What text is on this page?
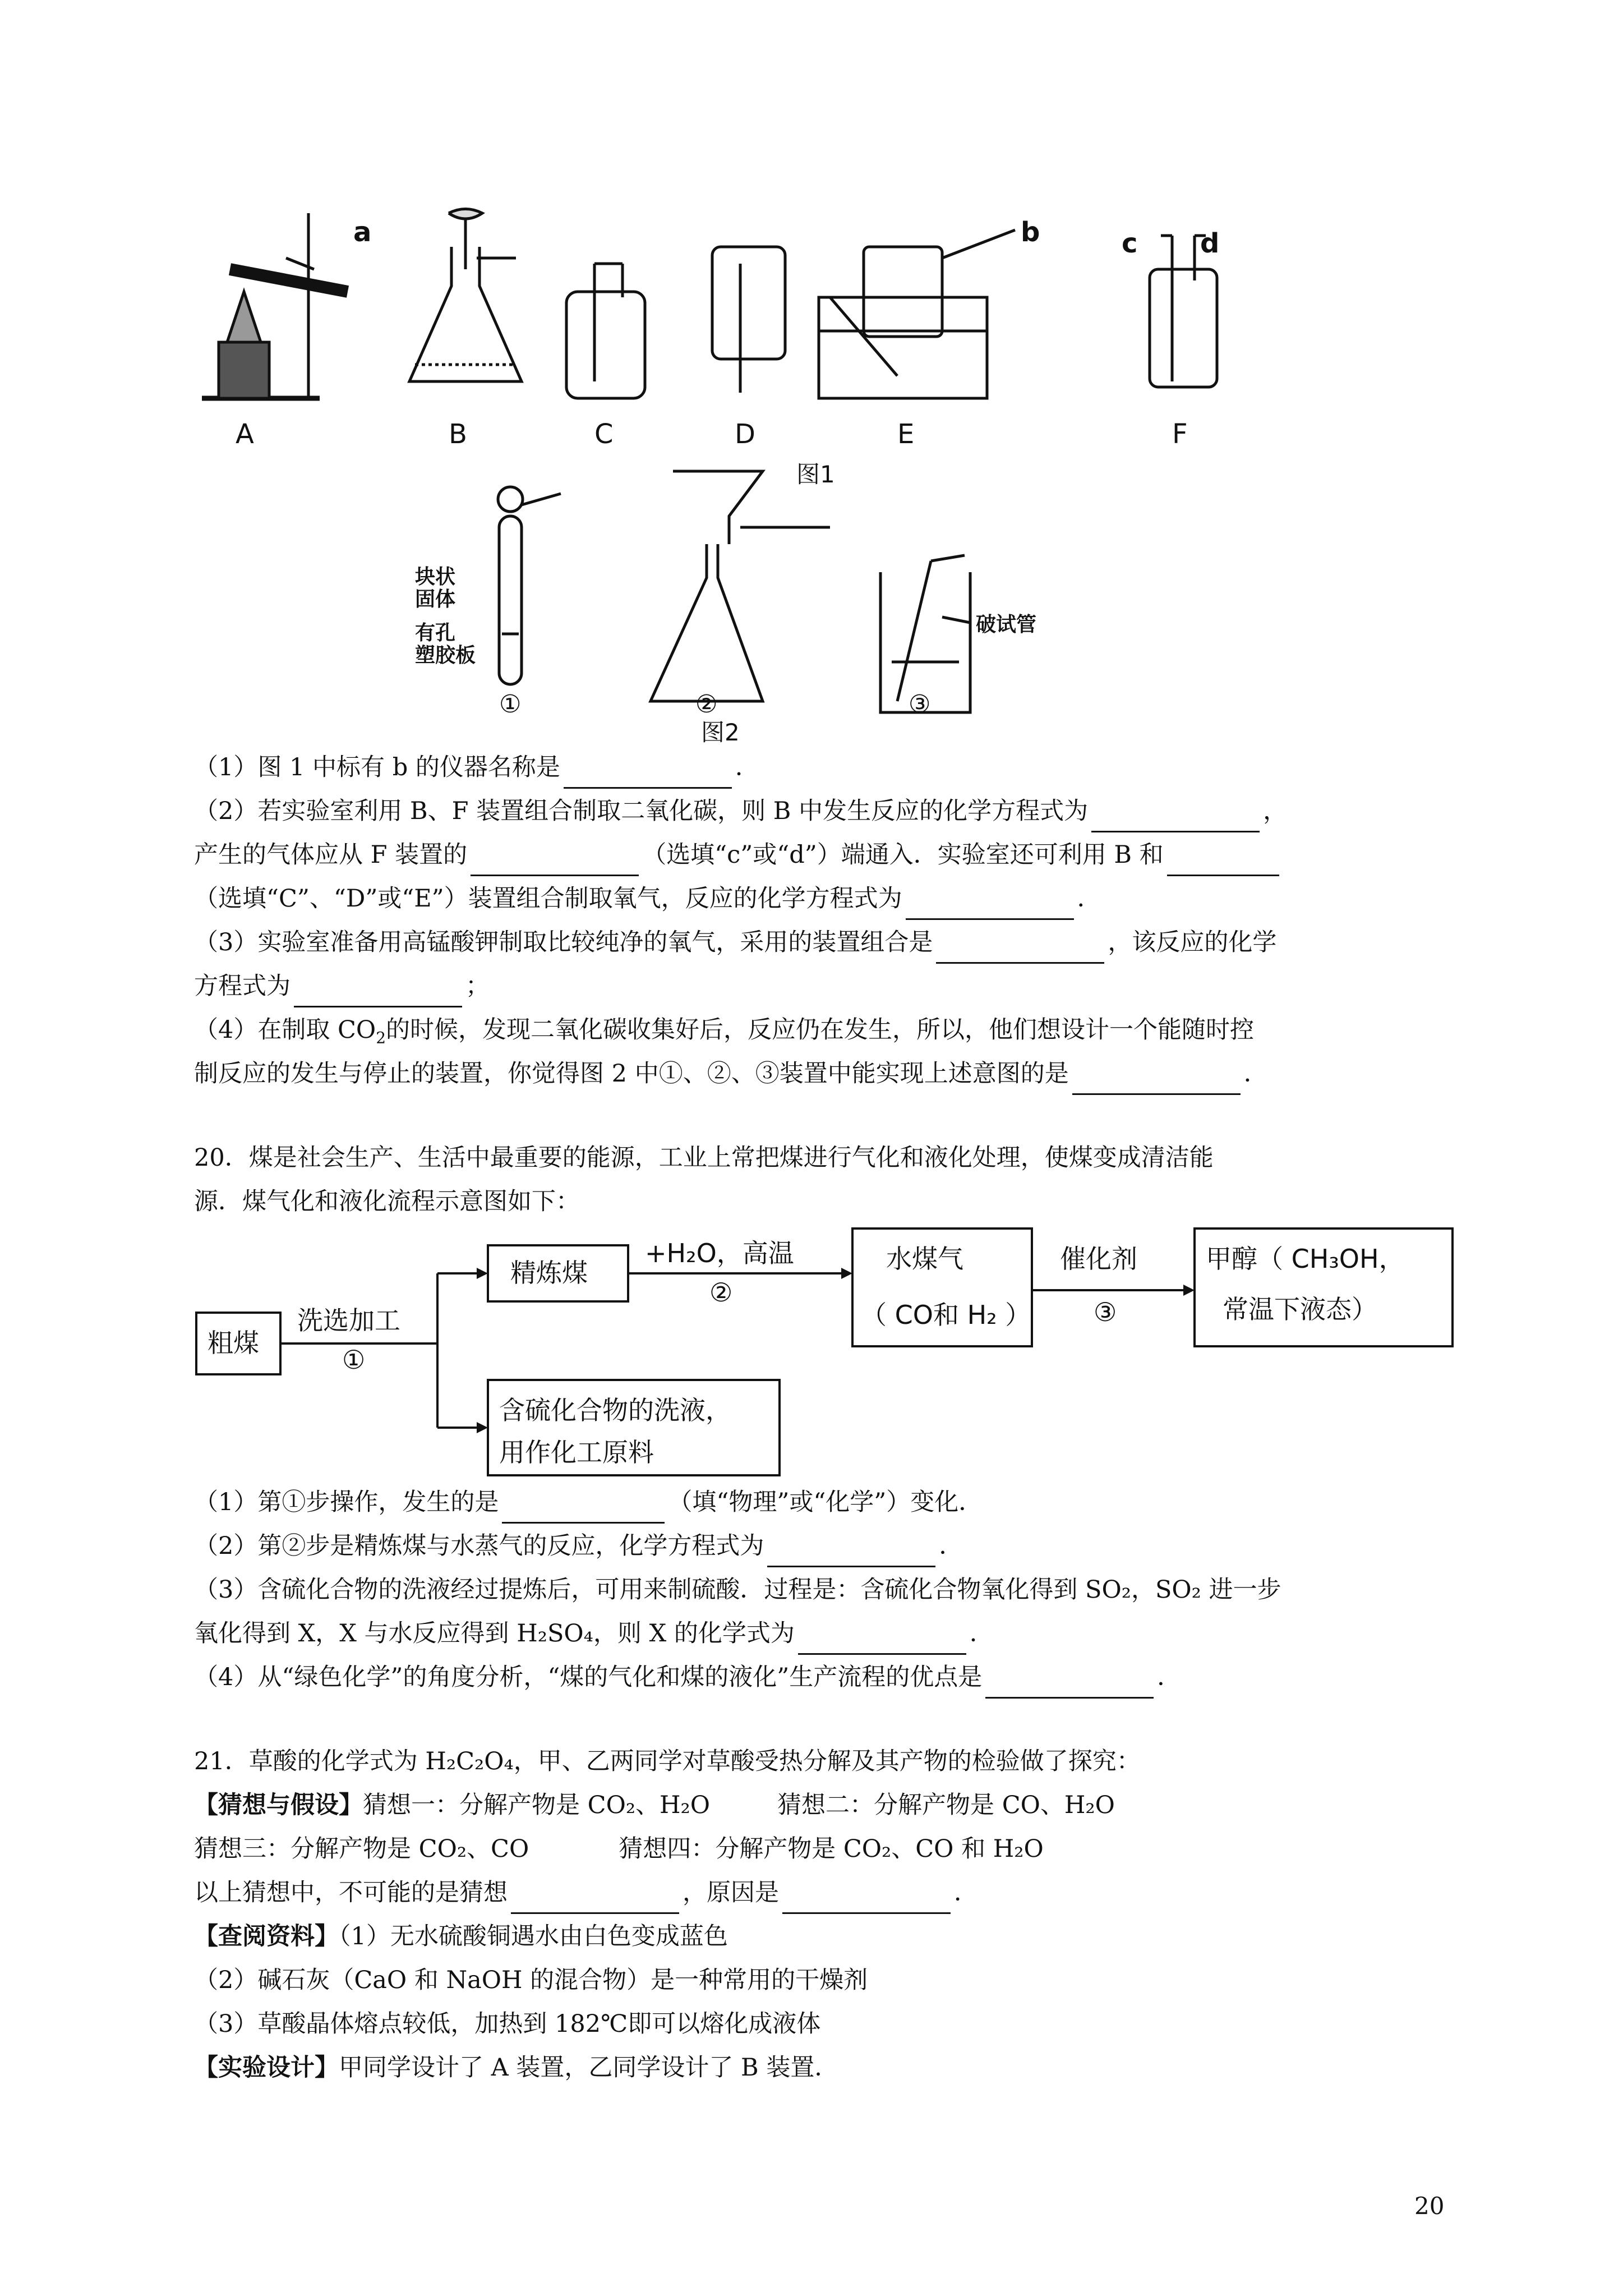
A	B	C	D	E	F
a	b	c d
图1
块状
固体
有孔
塑胶板
破试管
①	②	③
图2
（1）图 1 中标有 b 的仪器名称是	．
（2）若实验室利用 B、F 装置组合制取二氧化碳，则 B 中发生反应的化学方程式为	，
产生的气体应从 F 装置的	（选填“c”或“d”）端通入．实验室还可利用 B 和
（选填“C”、“D”或“E”）装置组合制取氧气，反应的化学方程式为	．
（3）实验室准备用高锰酸钾制取比较纯净的氧气，采用的装置组合是	，该反应的化学
方程式为	；
（4）在制取 $CO_2$的时候，发现二氧化碳收集好后，反应仍在发生，所以，他们想设计一个能随时控
制反应的发生与停止的装置，你觉得图 2 中①、②、③装置中能实现上述意图的是	．
20．煤是社会生产、生活中最重要的能源，工业上常把煤进行气化和液化处理，使煤变成清洁能
源．煤气化和液化流程示意图如下：
粗煤
洗选加工
①
精炼煤
+H₂O，高温
②
水煤气
（ CO和 H₂ ）
催化剂
③
甲醇（ CH₃OH，
常温下液态）
含硫化合物的洗液，
用作化工原料
（1）第①步操作，发生的是	（填“物理”或“化学”）变化．
（2）第②步是精炼煤与水蒸气的反应，化学方程式为	．
（3）含硫化合物的洗液经过提炼后，可用来制硫酸．过程是：含硫化合物氧化得到 SO₂，SO₂ 进一步
氧化得到 X，X 与水反应得到 H₂SO₄，则 X 的化学式为	．
（4）从“绿色化学”的角度分析，“煤的气化和煤的液化”生产流程的优点是	．
21．草酸的化学式为 H₂C₂O₄，甲、乙两同学对草酸受热分解及其产物的检验做了探究：
【猜想与假设】猜想一：分解产物是 CO₂、H₂O	猜想二：分解产物是 CO、H₂O
猜想三：分解产物是 CO₂、CO	猜想四：分解产物是 CO₂、CO 和 H₂O
以上猜想中，不可能的是猜想	，原因是	．
【查阅资料】（1）无水硫酸铜遇水由白色变成蓝色
（2）碱石灰（CaO 和 NaOH 的混合物）是一种常用的干燥剂
（3）草酸晶体熔点较低，加热到 182℃即可以熔化成液体
【实验设计】甲同学设计了 A 装置，乙同学设计了 B 装置．
20
